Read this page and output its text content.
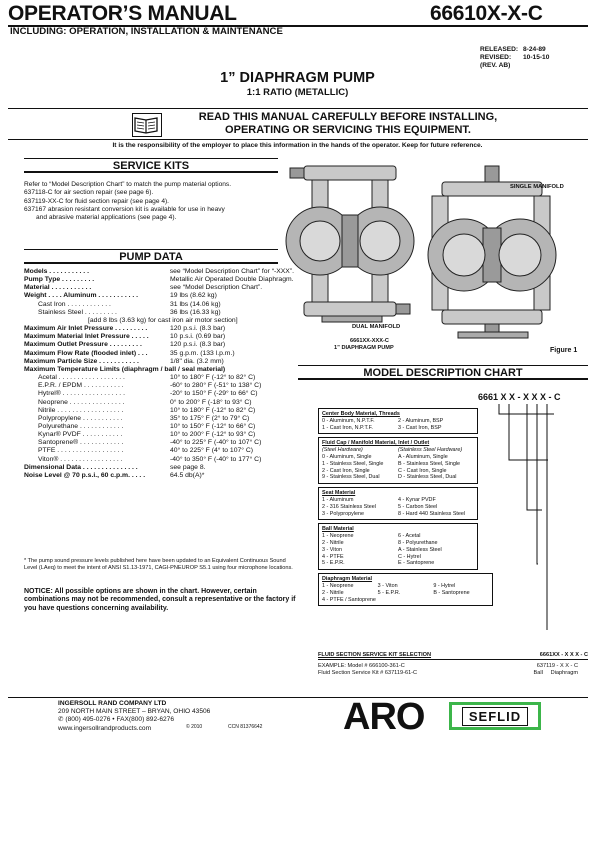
OPERATOR’S MANUAL	66610X-X-C
INCLUDING: OPERATION, INSTALLATION & MAINTENANCE
RELEASED: 8-24-89
REVISED:	10-15-10
(REV. AB)
1” DIAPHRAGM PUMP
1:1 RATIO (METALLIC)
READ THIS MANUAL CAREFULLY BEFORE INSTALLING,
OPERATING OR SERVICING THIS EQUIPMENT.
It is the responsibility of the employer to place this information in the hands of the operator. Keep for future reference.
SERVICE KITS
Refer to “Model Description Chart” to match the pump material options.
637118-C for air section repair (see page 6).
637119-XX-C for fluid section repair (see page 4).
637167 abrasion resistant conversion kit is available for use in heavy
and abrasive material applications (see page 4).
PUMP DATA
Models . . . . . . . . . . .	see “Model Description Chart” for “-XXX”.
Pump Type . . . . . . . . .	Metallic Air Operated Double Diaphragm.
Material . . . . . . . . . . .	see “Model Description Chart”.
Weight . . . . Aluminum . . . . . . . . . . .	19 lbs (8.62 kg)
Cast Iron . . . . . . . . . . . .	31 lbs (14.06 kg)
Stainless Steel . . . . . . . . .	36 lbs (16.33 kg)
[add 8 lbs (3.63 kg) for cast iron air motor section]
Maximum Air Inlet Pressure . . . . . . . . .	120 p.s.i. (8.3 bar)
Maximum Material Inlet Pressure . . . . .	10 p.s.i. (0.69 bar)
Maximum Outlet Pressure . . . . . . . . .	120 p.s.i. (8.3 bar)
Maximum Flow Rate (flooded inlet) . . .	35 g.p.m. (133 l.p.m.)
Maximum Particle Size . . . . . . . . . . .	1/8" dia. (3.2 mm)
Maximum Temperature Limits (diaphragm / ball / seal material)
Acetal . . . . . . . . . . . . . . . . . .	10° to 180° F (-12° to 82° C)
E.P.R. / EPDM . . . . . . . . . . .	-60° to 280° F (-51° to 138° C)
Hytrel® . . . . . . . . . . . . . . . . .	-20° to 150° F (-29° to 66° C)
Neoprene . . . . . . . . . . . . . . .	0° to 200° F (-18° to 93° C)
Nitrile . . . . . . . . . . . . . . . . . .	10° to 180° F (-12° to 82° C)
Polypropylene . . . . . . . . . . .	35° to 175° F (2° to 79° C)
Polyurethane . . . . . . . . . . . .	10° to 150° F (-12° to 66° C)
Kynar® PVDF . . . . . . . . . . .	10° to 200° F (-12° to 93° C)
Santoprene® . . . . . . . . . . . .	-40° to 225° F (-40° to 107° C)
PTFE . . . . . . . . . . . . . . . . . .	40° to 225° F (4° to 107° C)
Viton® . . . . . . . . . . . . . . . . .	-40° to 350° F (-40° to 177° C)
Dimensional Data . . . . . . . . . . . . . . .	see page 8.
Noise Level @ 70 p.s.i., 60 c.p.m. . . . .	64.5 db(A)*
* The pump sound pressure levels published here have been updated to an Equivalent Continuous Sound Level (LAeq) to meet the intent of ANSI S1.13-1971, CAGI-PNEUROP S5.1 using four microphone locations.
NOTICE: All possible options are shown in the chart. However, certain combinations may not be recommended, consult a representative or the factory if you have questions concerning availability.
SINGLE MANIFOLD
DUAL MANIFOLD
6661XX-XXX-C
1” DIAPHRAGM PUMP	Figure 1
MODEL DESCRIPTION CHART
6661 X X - X X X - C
Center Body Material, Threads
0 - Aluminum, N.P.T.F.	2 - Aluminum, BSP
1 - Cast Iron, N.P.T.F.	3 - Cast Iron, BSP
Fluid Cap / Manifold Material, Inlet / Outlet
(Steel Hardware)	(Stainless Steel Hardware)
0 - Aluminum, Single	A - Aluminum, Single
1 - Stainless Steel, Single	B - Stainless Steel, Single
2 - Cast Iron, Single	C - Cast Iron, Single
9 - Stainless Steel, Dual	D - Stainless Steel, Dual
Seat Material
1 - Aluminum	4 - Kynar PVDF
2 - 316 Stainless Steel	5 - Carbon Steel
3 - Polypropylene	8 - Hard 440 Stainless Steel
Ball Material
1 - Neoprene	6 - Acetal
2 - Nitrile	8 - Polyurethane
3 - Viton	A - Stainless Steel
4 - PTFE	C - Hytrel
5 - E.P.R.	E - Santoprene
Diaphragm Material
1 - Neoprene	3 - Viton	9 - Hytrel
2 - Nitrile	5 - E.P.R.	B - Santoprene
4 - PTFE / Santoprene
FLUID SECTION SERVICE KIT SELECTION	6661XX - X X X - C
EXAMPLE: Model # 666100-361-C
Fluid Section Service Kit # 637119-61-C
637119 - X X - C
Ball Diaphragm
INGERSOLL RAND COMPANY LTD
209 NORTH MAIN STREET – BRYAN, OHIO 43506
✆ (800) 495-0276 • FAX(800) 892-6276
www.ingersollrandproducts.com	© 2010	CCN 81376642 ARO	SEFLID
